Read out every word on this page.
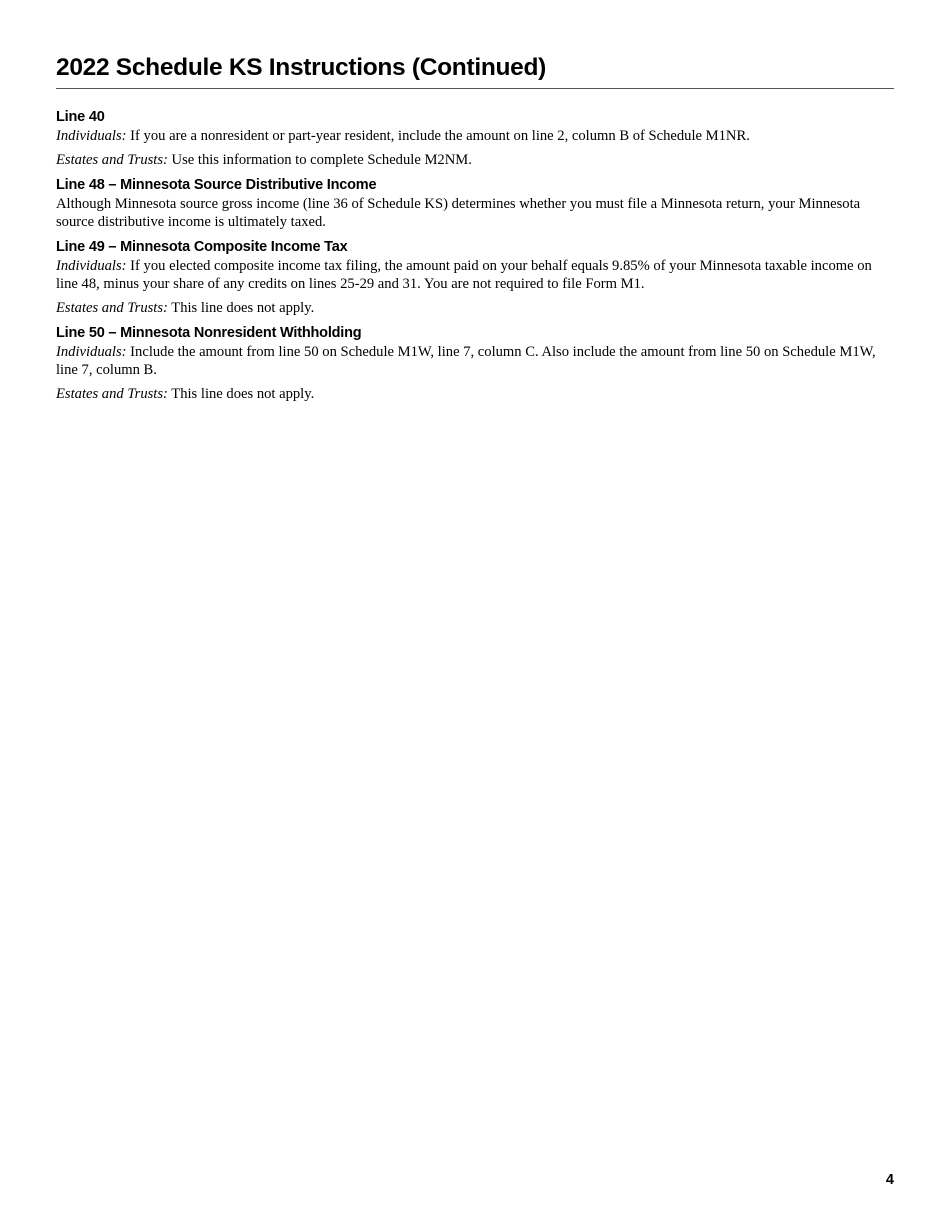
2022 Schedule KS Instructions (Continued)
Line 40

Individuals: If you are a nonresident or part-year resident, include the amount on line 2, column B of Schedule M1NR.

Estates and Trusts: Use this information to complete Schedule M2NM.

Line 48 – Minnesota Source Distributive Income

Although Minnesota source gross income (line 36 of Schedule KS) determines whether you must file a Minnesota return, your Minnesota source distributive income is ultimately taxed.

Line 49 – Minnesota Composite Income Tax

Individuals: If you elected composite income tax filing, the amount paid on your behalf equals 9.85% of your Minnesota taxable income on line 48, minus your share of any credits on lines 25-29 and 31. You are not required to file Form M1.

Estates and Trusts: This line does not apply.

Line 50 – Minnesota Nonresident Withholding

Individuals: Include the amount from line 50 on Schedule M1W, line 7, column C. Also include the amount from line 50 on Schedule M1W, line 7, column B.

Estates and Trusts: This line does not apply.

4
